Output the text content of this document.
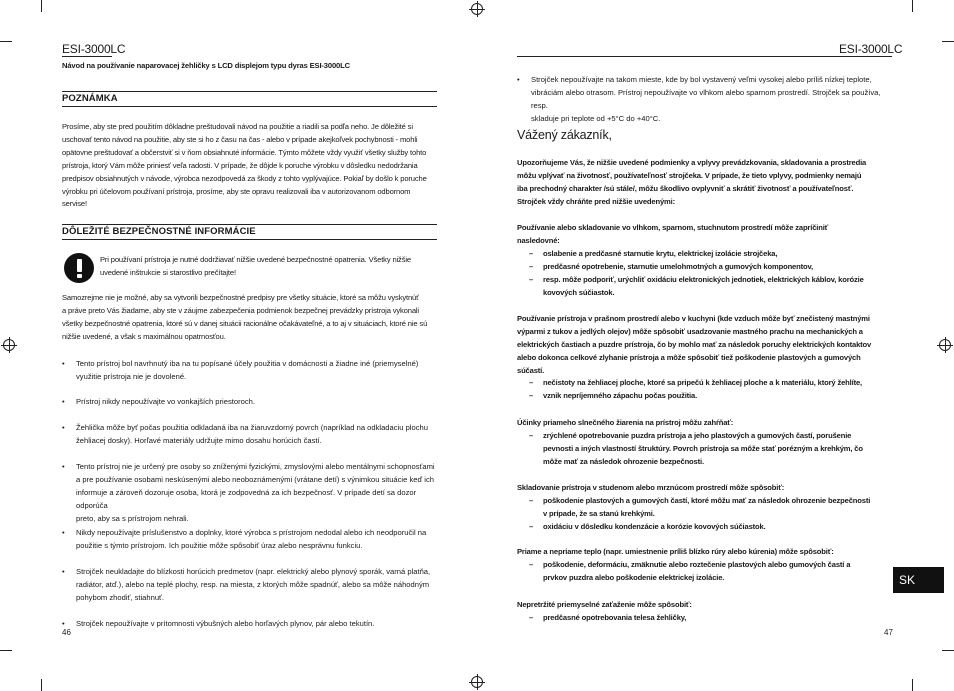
ESI-3000LC
Návod na používanie naparovacej žehličky s LCD displejom typu dyras ESI-3000LC
POZNÁMKA
Prosíme, aby ste pred použitím dôkladne preštudovali návod na použitie a riadili sa podľa neho. Je dôležité si
uschovať tento návod na použitie, aby ste si ho z času na čas - alebo v prípade akejkoľvek pochybnosti - mohli
opätovne preštudovať a občerstviť si v ňom obsiahnuté informácie. Týmto môžete vždy využiť všetky služby tohto
prístroja, ktorý Vám môže priniesť veľa radosti. V prípade, že dôjde k poruche výrobku v dôsledku nedodržania
predpisov obsiahnutých v návode, výrobca nezodpovedá za škody z tohto vyplývajúce. Pokiaľ by došlo k poruche
výrobku pri účelovom používaní prístroja, prosíme, aby ste opravu realizovali iba v autorizovanom odbornom
servise!
DÔLEŽITÉ BEZPEČNOSTNÉ INFORMÁCIE
Pri používaní prístroja je nutné dodržiavať nižšie uvedené bezpečnostné opatrenia. Všetky nižšie
uvedené inštrukcie si starostlivo prečítajte!
Samozrejme nie je možné, aby sa vytvorili bezpečnostné predpisy pre všetky situácie, ktoré sa môžu vyskytnúť
a práve preto Vás žiadame, aby ste v záujme zabezpečenia podmienok bezpečnej prevádzky prístroja vykonali
všetky bezpečnostné opatrenia, ktoré sú v danej situácii racionálne očakávateľné, a to aj v situáciach, ktoré nie sú
nižšie uvedené, a však s maximálnou opatrnosťou.
• Tento prístroj bol navrhnutý iba na tu popísané účely použitia v domácnosti a žiadne iné (priemyselné)
využitie prístroja nie je dovolené.
• Prístroj nikdy nepoužívajte vo vonkajších priestoroch.
• Žehlička môže byť počas použitia odkladaná iba na žiaruvzdorný povrch (napríklad na odkladaciu plochu
žehliacej dosky). Horľavé materiály udržujte mimo dosahu horúcich častí.
• Tento prístroj nie je určený pre osoby so zníženými fyzickými, zmyslovými alebo mentálnymi schopnosťami
a pre používanie osobami neskúsenými alebo neoboznámenými (vrátane detí) s výnimkou situácie keď ich
informuje a zároveň dozoruje osoba, ktorá je zodpovedná za ich bezpečnosť. V prípade detí sa dozor odporúča
preto, aby sa s prístrojom nehrali.
• Nikdy nepoužívajte príslušenstvo a doplnky, ktoré výrobca s prístrojom nedodal alebo ich neodporučil na
použitie s týmto prístrojom. Ich použitie môže spôsobiť úraz alebo nesprávnu funkciu.
• Strojček neukladajte do blízkosti horúcich predmetov (napr. elektrický alebo plynový sporák, varná platňa,
radiátor, atď.), alebo na teplé plochy, resp. na miesta, z ktorých môže spadnúť, alebo sa môže náhodným
pohybom zhodiť, stiahnuť.
• Strojček nepoužívajte v prítomnosti výbušných alebo horľavých plynov, pár alebo tekutín.
46
ESI-3000LC
• Strojček nepoužívajte na takom mieste, kde by bol vystavený veľmi vysokej alebo príliš nízkej teplote,
vibráciám alebo otrasom. Prístroj nepoužívajte vo vlhkom alebo sparnom prostredí. Strojček sa používa, resp.
skladuje pri teplote od +5°C do +40°C.
Vážený zákazník,
Upozorňujeme Vás, že nižšie uvedené podmienky a vplyvy prevádzkovania, skladovania a prostredia
môžu vplývať na životnosť, používateľnosť strojčeka. V prípade, že tieto vplyvy, podmienky nemajú
iba prechodný charakter /sú stále/, môžu škodlivo ovplyvniť a skrátiť životnosť a používateľnosť.
Strojček vždy chráňte pred nižšie uvedenými:
Používanie alebo skladovanie vo vlhkom, sparnom, stuchnutom prostredí môže zapríčiniť
nasledovné:
– oslabenie a predčasné starnutie krytu, elektrickej izolácie strojčeka,
– predčasné opotrebenie, starnutie umelohmotných a gumových komponentov,
– resp. môže podporiť, urýchliť oxidáciu elektronických jednotiek, elektrických káblov, korózie
kovových súčiastok.
Používanie prístroja v prašnom prostredí alebo v kuchyni (kde vzduch môže byť znečistený mastnými
výparmi z tukov a jedlých olejov) môže spôsobiť usadzovanie mastného prachu na mechanických a
elektrických častiach a puzdre prístroja, čo by mohlo mať za následok poruchy elektrických kontaktov
alebo dokonca celkové zlyhanie prístroja a môže spôsobiť tiež poškodenie plastových a gumových
súčastí.
– nečistoty na žehliacej ploche, ktoré sa pripečú k žehliacej ploche a k materiálu, ktorý žehlíte,
– vznik nepríjemného zápachu počas použitia.
Účinky priameho slnečného žiarenia na prístroj môžu zahŕňať:
– zrýchlené opotrebovanie puzdra prístroja a jeho plastových a gumových častí, porušenie
pevnosti a iných vlastností štruktúry. Povrch prístroja sa môže stať porézným a krehkým, čo
môže mať za následok ohrozenie bezpečnosti.
Skladovanie prístroja v studenom alebo mrznúcom prostredí môže spôsobiť:
– poškodenie plastových a gumových častí, ktoré môžu mať za následok ohrozenie bezpečnosti
v prípade, že sa stanú krehkými.
– oxidáciu v dôsledku kondenzácie a korózie kovových súčiastok.
Priame a nepriame teplo (napr. umiestnenie príliš blízko rúry alebo kúrenia) môže spôsobiť:
– poškodenie, deformáciu, zmäknutie alebo roztečenie plastových alebo gumových častí a
prvkov puzdra alebo poškodenie elektrickej izolácie.
Nepretržité priemyselné zaťaženie môže spôsobiť:
– predčasné opotrebovania telesa žehličky,
SK
47
